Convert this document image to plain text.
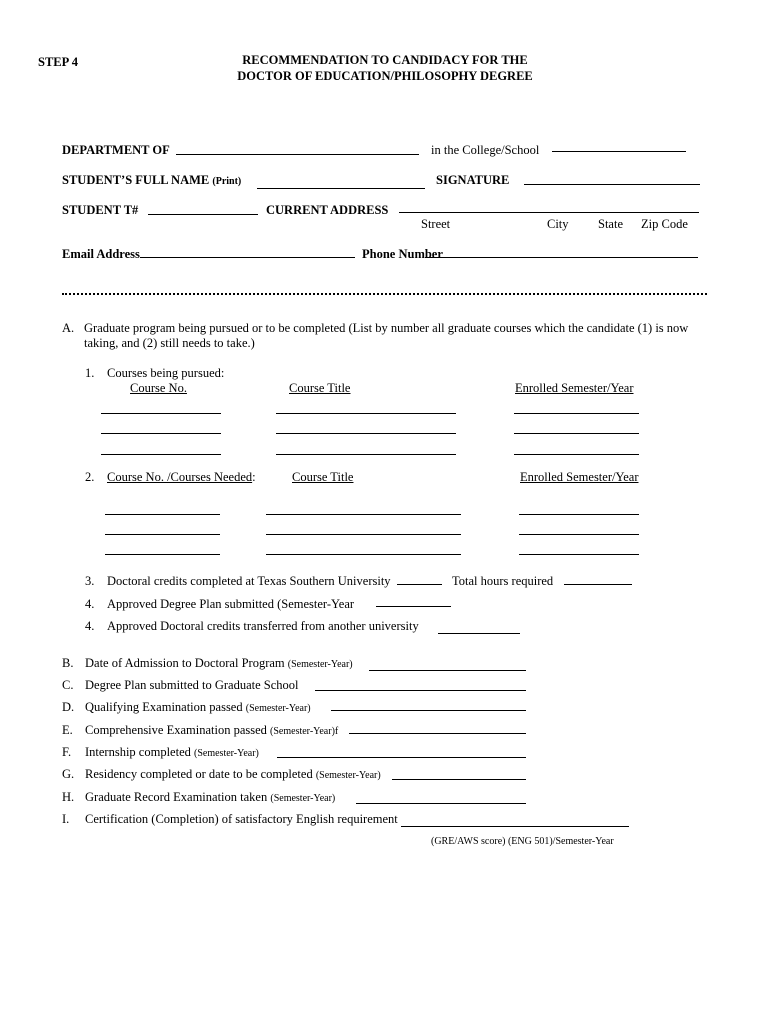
STEP 4	RECOMMENDATION TO CANDIDACY FOR THE
DOCTOR OF EDUCATION/PHILOSOPHY DEGREE
DEPARTMENT OF	in the College/School
STUDENT’S FULL NAME (Print)	SIGNATURE
STUDENT T#	CURRENT ADDRESS
Street	City State Zip Code
Email Address	Phone Number
A. Graduate program being pursued or to be completed (List by number all graduate courses which the candidate (1) is now
taking, and (2) still needs to take.)
1. Courses being pursued:
Course No.	Course Title	Enrolled Semester/Year
2. Course No. /Courses Needed:	Course Title	Enrolled Semester/Year
3. Doctoral credits completed at Texas Southern University	Total hours required
4. Approved Degree Plan submitted (Semester-Year
4. Approved Doctoral credits transferred from another university
B. Date of Admission to Doctoral Program (Semester-Year)
C. Degree Plan submitted to Graduate School
D. Qualifying Examination passed (Semester-Year)
E. Comprehensive Examination passed (Semester-Year)f
F. Internship completed (Semester-Year)
G. Residency completed or date to be completed (Semester-Year)
H. Graduate Record Examination taken (Semester-Year)
I. Certification (Completion) of satisfactory English requirement
(GRE/AWS score) (ENG 501)/Semester-Year
